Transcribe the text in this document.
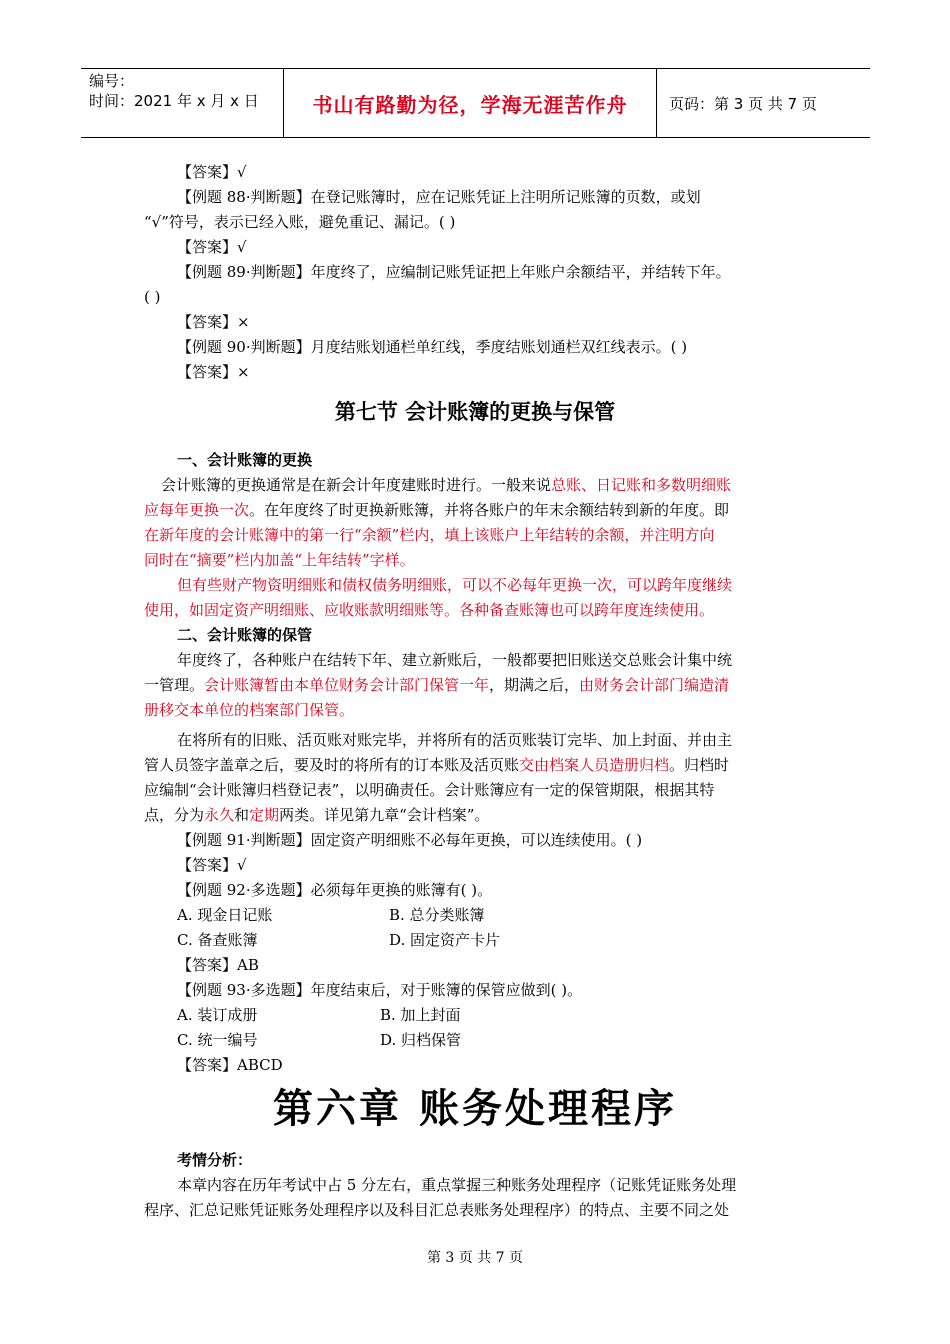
编号：
时间：2021 年 x 月 x 日	书山有路勤为径，学海无涯苦作舟	页码：第 3 页 共 7 页
【答案】√
【例题 88·判断题】在登记账簿时，应在记账凭证上注明所记账簿的页数，或划
“√”符号，表示已经入账，避免重记、漏记。( )
【答案】√
【例题 89·判断题】年度终了，应编制记账凭证把上年账户余额结平，并结转下年。
( )
【答案】×
【例题 90·判断题】月度结账划通栏单红线，季度结账划通栏双红线表示。( )
【答案】×
第七节 会计账簿的更换与保管
一、会计账簿的更换
会计账簿的更换通常是在新会计年度建账时进行。一般来说总账、日记账和多数明细账
应每年更换一次。在年度终了时更换新账簿，并将各账户的年末余额结转到新的年度。即
在新年度的会计账簿中的第一行“余额”栏内，填上该账户上年结转的余额，并注明方向
同时在“摘要”栏内加盖“上年结转”字样。
但有些财产物资明细账和债权债务明细账，可以不必每年更换一次，可以跨年度继续
使用，如固定资产明细账、应收账款明细账等。各种备查账簿也可以跨年度连续使用。
二、会计账簿的保管
年度终了，各种账户在结转下年、建立新账后，一般都要把旧账送交总账会计集中统
一管理。会计账簿暂由本单位财务会计部门保管一年，期满之后，由财务会计部门编造清
册移交本单位的档案部门保管。
在将所有的旧账、活页账对账完毕，并将所有的活页账装订完毕、加上封面、并由主
管人员签字盖章之后，要及时的将所有的订本账及活页账交由档案人员造册归档。归档时
应编制“会计账簿归档登记表”，以明确责任。会计账簿应有一定的保管期限，根据其特
点，分为永久和定期两类。详见第九章“会计档案”。
【例题 91·判断题】固定资产明细账不必每年更换，可以连续使用。( )
【答案】√
【例题 92·多选题】必须每年更换的账簿有( )。
A. 现金日记账	B. 总分类账簿
C. 备查账簿	D. 固定资产卡片
【答案】AB
【例题 93·多选题】年度结束后，对于账簿的保管应做到( )。
A. 装订成册	B. 加上封面
C. 统一编号	D. 归档保管
【答案】ABCD
第六章 账务处理程序
考情分析：
本章内容在历年考试中占 5 分左右，重点掌握三种账务处理程序（记账凭证账务处理
程序、汇总记账凭证账务处理程序以及科目汇总表账务处理程序）的特点、主要不同之处
第 3 页 共 7 页
